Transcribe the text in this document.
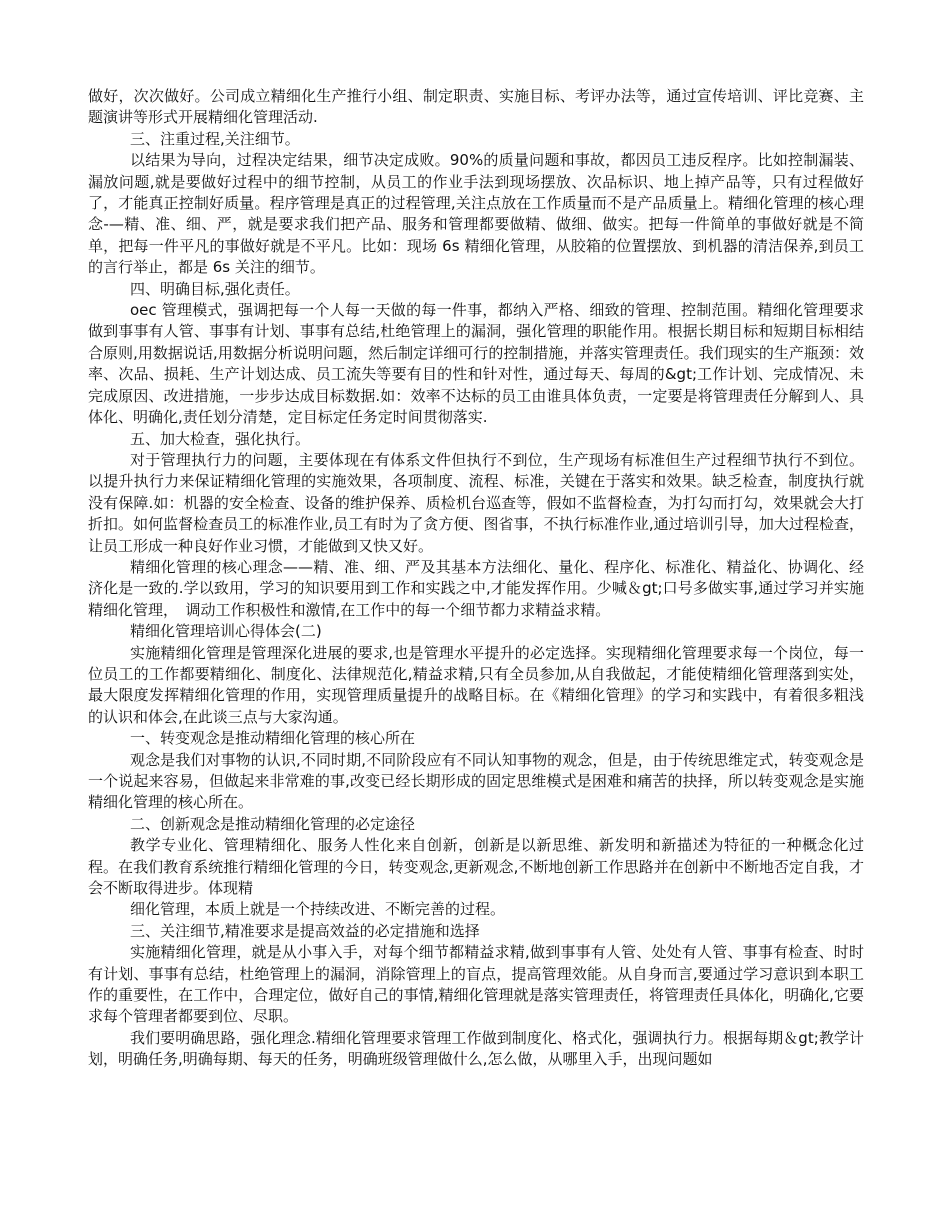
做好，次次做好。公司成立精细化生产推行小组、制定职责、实施目标、考评办法等，通过宣传培训、评比竞赛、主题演讲等形式开展精细化管理活动.

三、注重过程,关注细节。

以结果为导向，过程决定结果，细节决定成败。90%的质量问题和事故，都因员工违反程序。比如控制漏装、漏放问题,就是要做好过程中的细节控制，从员工的作业手法到现场摆放、次品标识、地上掉产品等，只有过程做好了，才能真正控制好质量。程序管理是真正的过程管理,关注点放在工作质量而不是产品质量上。精细化管理的核心理念-—精、准、细、严，就是要求我们把产品、服务和管理都要做精、做细、做实。把每一件简单的事做好就是不简单，把每一件平凡的事做好就是不平凡。比如：现场 6s 精细化管理，从胶箱的位置摆放、到机器的清洁保养,到员工的言行举止，都是 6s 关注的细节。

四、明确目标,强化责任。

oec 管理模式，强调把每一个人每一天做的每一件事，都纳入严格、细致的管理、控制范围。精细化管理要求做到事事有人管、事事有计划、事事有总结,杜绝管理上的漏洞，强化管理的职能作用。根据长期目标和短期目标相结合原则,用数据说话,用数据分析说明问题，然后制定详细可行的控制措施，并落实管理责任。我们现实的生产瓶颈：效率、次品、损耗、生产计划达成、员工流失等要有目的性和针对性，通过每天、每周的&gt;工作计划、完成情况、未完成原因、改进措施，一步步达成目标数据.如：效率不达标的员工由谁具体负责，一定要是将管理责任分解到人、具体化、明确化,责任划分清楚，定目标定任务定时间贯彻落实.

五、加大检查，强化执行。

对于管理执行力的问题，主要体现在有体系文件但执行不到位，生产现场有标准但生产过程细节执行不到位。以提升执行力来保证精细化管理的实施效果，各项制度、流程、标准，关键在于落实和效果。缺乏检查，制度执行就没有保障.如：机器的安全检查、设备的维护保养、质检机台巡查等，假如不监督检查，为打勾而打勾，效果就会大打折扣。如何监督检查员工的标准作业,员工有时为了贪方便、图省事，不执行标准作业,通过培训引导，加大过程检查，让员工形成一种良好作业习惯，才能做到又快又好。

精细化管理的核心理念——精、准、细、严及其基本方法细化、量化、程序化、标准化、精益化、协调化、经济化是一致的.学以致用，学习的知识要用到工作和实践之中,才能发挥作用。少喊＆gt;口号多做实事,通过学习并实施精细化管理，　调动工作积极性和激情,在工作中的每一个细节都力求精益求精。

精细化管理培训心得体会(二)

实施精细化管理是管理深化进展的要求,也是管理水平提升的必定选择。实现精细化管理要求每一个岗位，每一位员工的工作都要精细化、制度化、法律规范化,精益求精,只有全员参加,从自我做起，才能使精细化管理落到实处，最大限度发挥精细化管理的作用，实现管理质量提升的战略目标。在《精细化管理》的学习和实践中，有着很多粗浅的认识和体会,在此谈三点与大家沟通。

一、转变观念是推动精细化管理的核心所在

观念是我们对事物的认识,不同时期,不同阶段应有不同认知事物的观念，但是，由于传统思维定式，转变观念是一个说起来容易，但做起来非常难的事,改变已经长期形成的固定思维模式是困难和痛苦的抉择，所以转变观念是实施精细化管理的核心所在。

二、创新观念是推动精细化管理的必定途径

教学专业化、管理精细化、服务人性化来自创新，创新是以新思维、新发明和新描述为特征的一种概念化过程。在我们教育系统推行精细化管理的今日，转变观念,更新观念,不断地创新工作思路并在创新中不断地否定自我，才会不断取得进步。体现精

细化管理，本质上就是一个持续改进、不断完善的过程。

三、关注细节,精准要求是提高效益的必定措施和选择

实施精细化管理，就是从小事入手，对每个细节都精益求精,做到事事有人管、处处有人管、事事有检查、时时有计划、事事有总结，杜绝管理上的漏洞，消除管理上的盲点，提高管理效能。从自身而言,要通过学习意识到本职工作的重要性，在工作中，合理定位，做好自己的事情,精细化管理就是落实管理责任，将管理责任具体化，明确化,它要求每个管理者都要到位、尽职。

我们要明确思路，强化理念.精细化管理要求管理工作做到制度化、格式化，强调执行力。根据每期＆gt;教学计划，明确任务,明确每期、每天的任务，明确班级管理做什么,怎么做，从哪里入手，出现问题如
